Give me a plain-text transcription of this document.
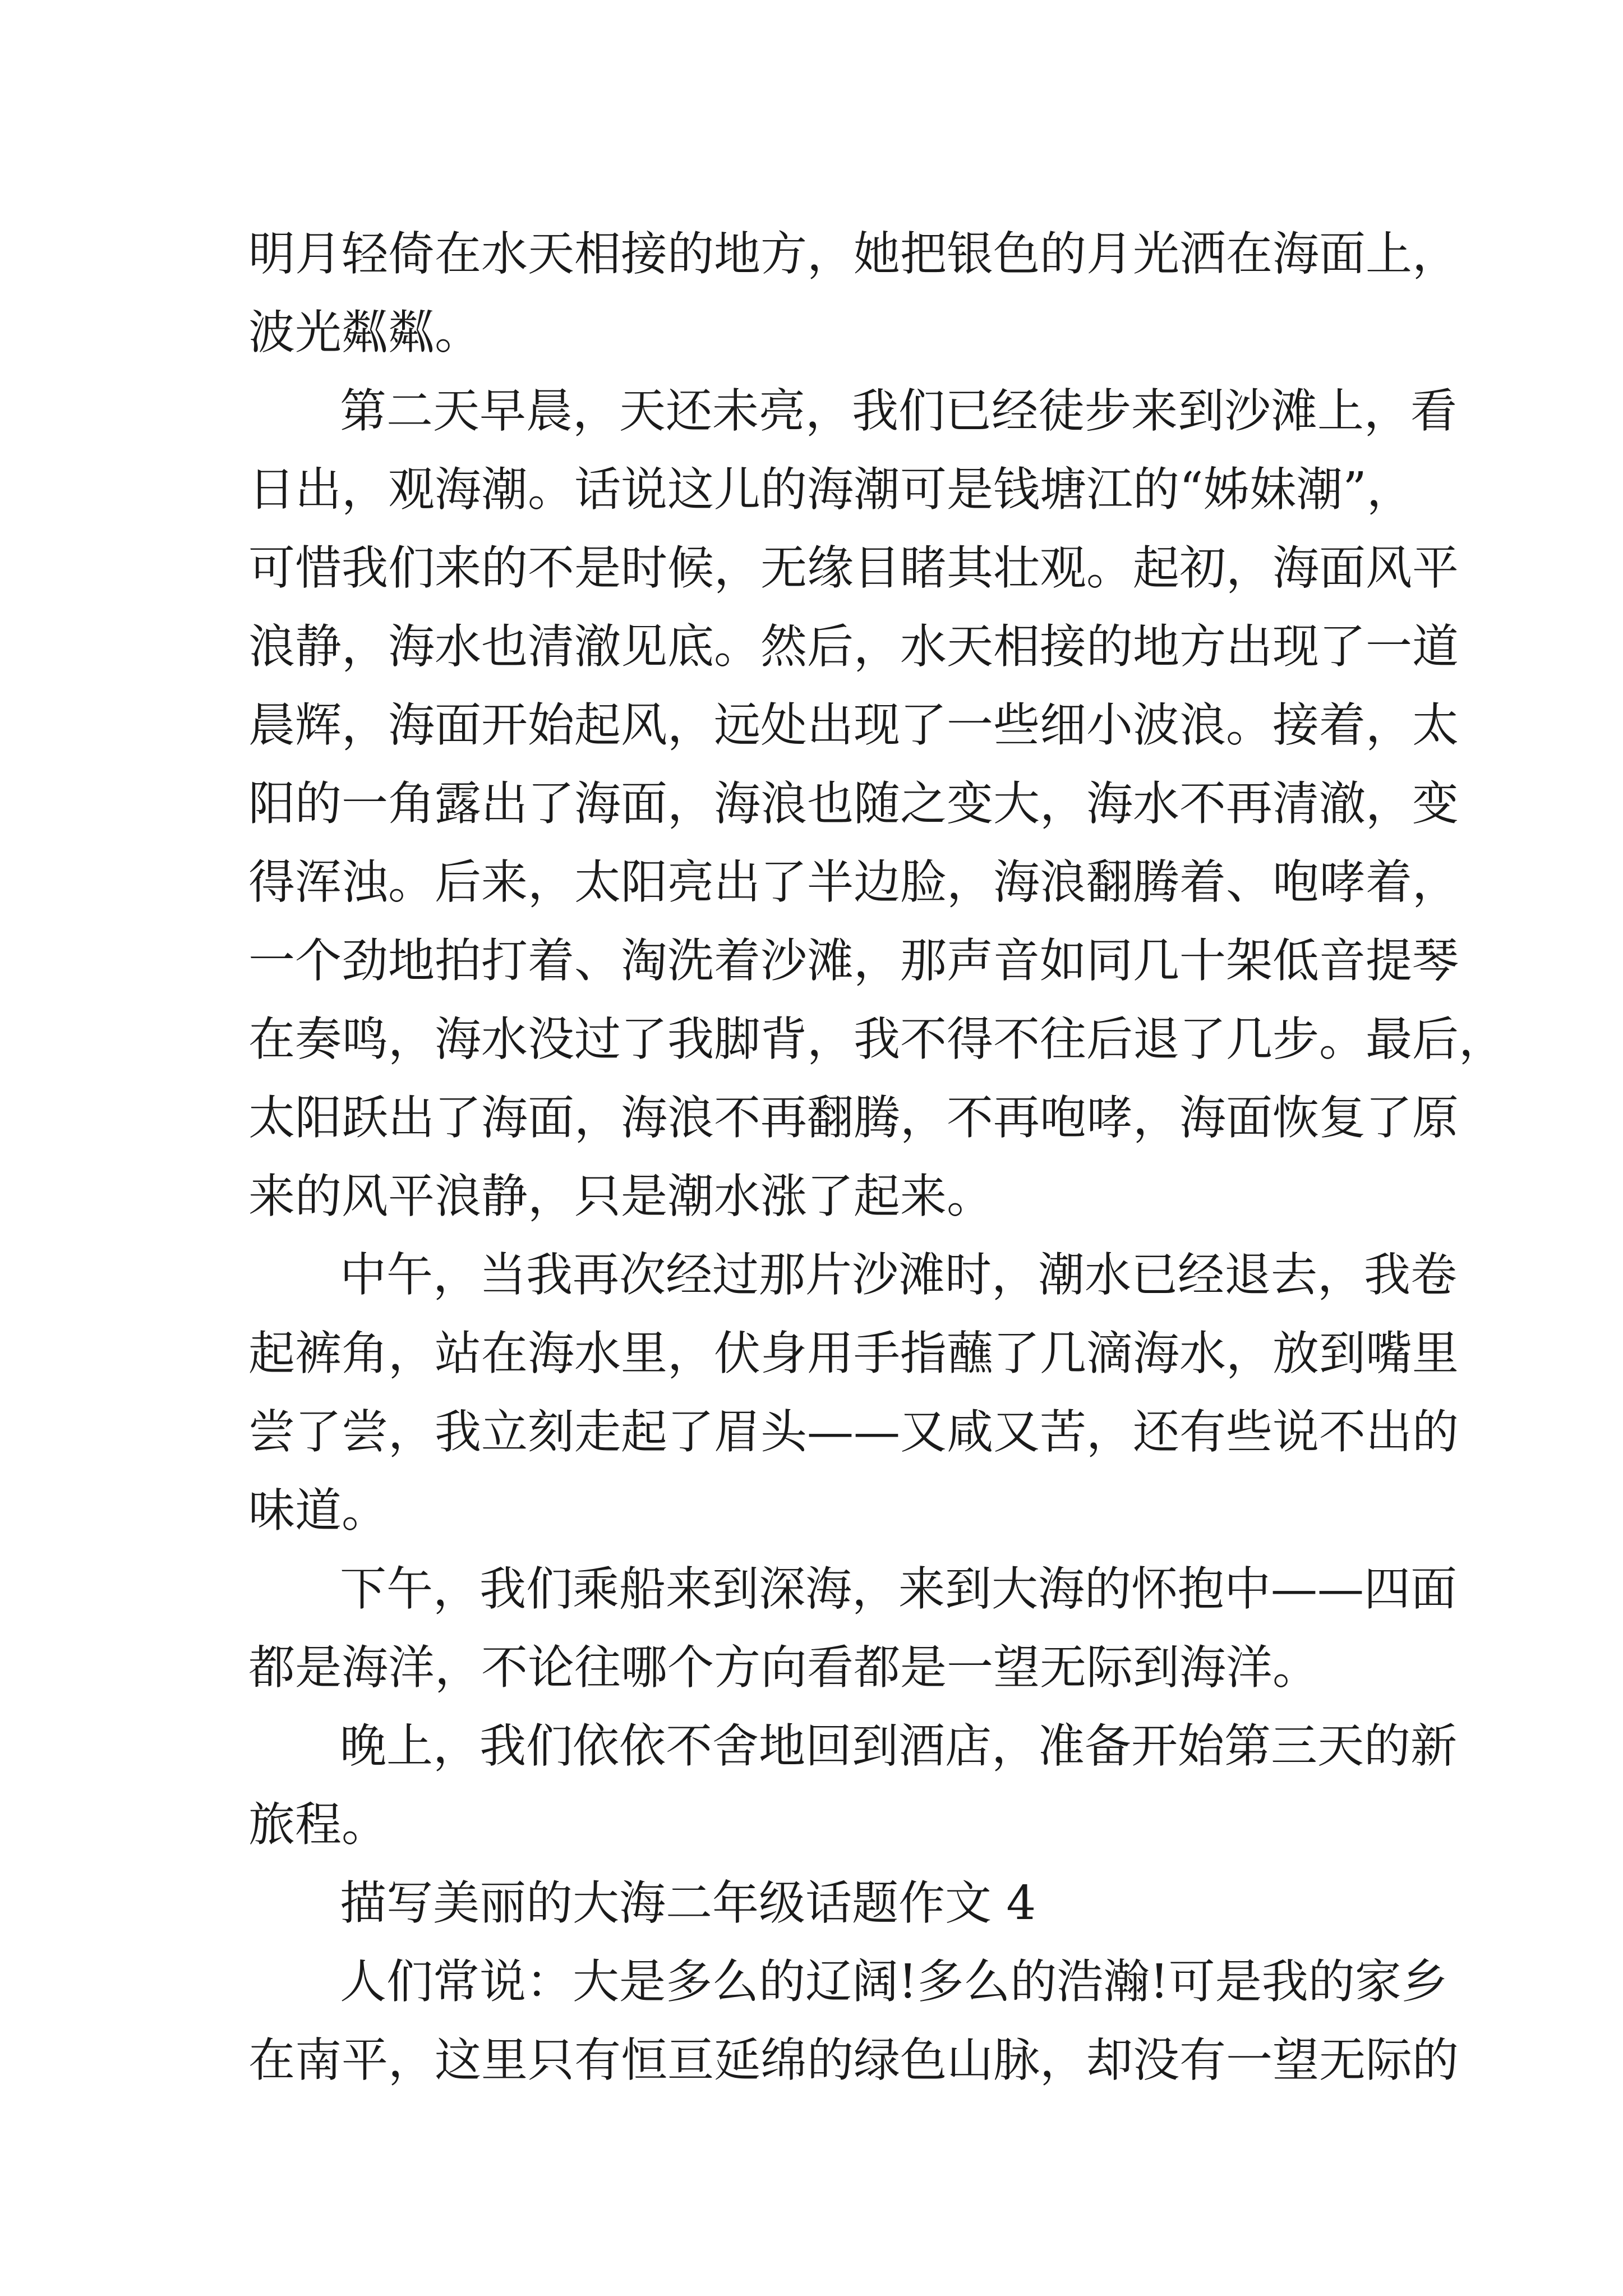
明月轻倚在水天相接的地方，她把银色的月光洒在海面上，
波光粼粼。
第二天早晨，天还未亮，我们已经徒步来到沙滩上，看
日出，观海潮。话说这儿的海潮可是钱塘江的“姊妹潮”，
可惜我们来的不是时候，无缘目睹其壮观。起初，海面风平
浪静，海水也清澈见底。然后，水天相接的地方出现了一道
晨辉，海面开始起风，远处出现了一些细小波浪。接着，太
阳的一角露出了海面，海浪也随之变大，海水不再清澈，变
得浑浊。后来，太阳亮出了半边脸，海浪翻腾着、咆哮着，
一个劲地拍打着、淘洗着沙滩，那声音如同几十架低音提琴
在奏鸣，海水没过了我脚背，我不得不往后退了几步。最后，
太阳跃出了海面，海浪不再翻腾，不再咆哮，海面恢复了原
来的风平浪静，只是潮水涨了起来。
中午，当我再次经过那片沙滩时，潮水已经退去，我卷
起裤角，站在海水里，伏身用手指蘸了几滴海水，放到嘴里
尝了尝，我立刻走起了眉头——又咸又苦，还有些说不出的
味道。
下午，我们乘船来到深海，来到大海的怀抱中——四面
都是海洋，不论往哪个方向看都是一望无际到海洋。
晚上，我们依依不舍地回到酒店，准备开始第三天的新
旅程。
描写美丽的大海二年级话题作文 4
人们常说：大是多么的辽阔!多么的浩瀚!可是我的家乡
在南平，这里只有恒亘延绵的绿色山脉，却没有一望无际的
